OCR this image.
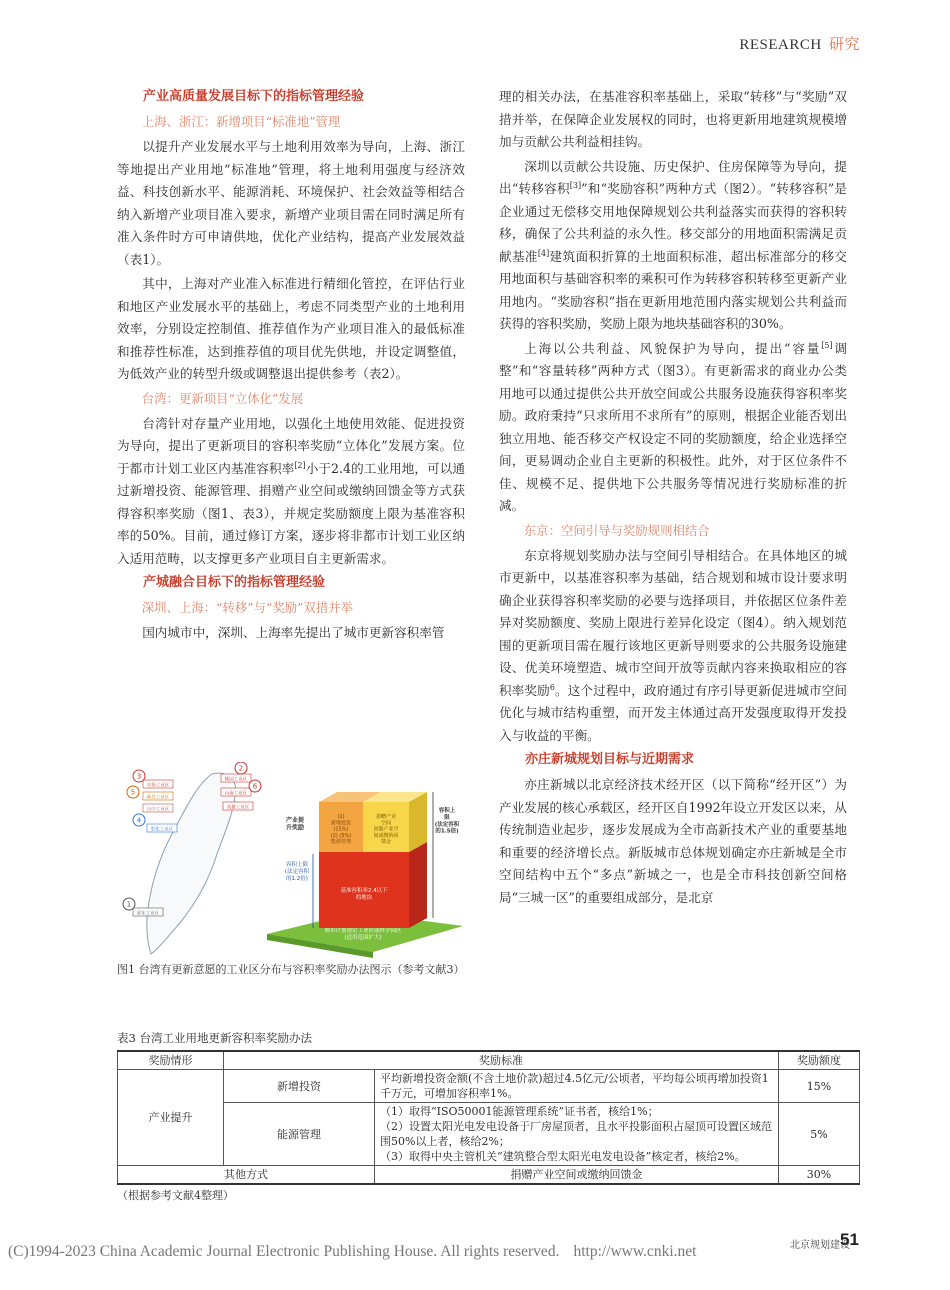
RESEARCH 研究
产业高质量发展目标下的指标管理经验
上海、浙江：新增项目“标准地”管理

以提升产业发展水平与土地利用效率为导向，上海、浙江等地提出产业用地“标准地”管理，将土地利用强度与经济效益、科技创新水平、能源消耗、环境保护、社会效益等相结合纳入新增产业项目准入要求，新增产业项目需在同时满足所有准入条件时方可申请供地，优化产业结构，提高产业发展效益（表1）。

其中，上海对产业准入标准进行精细化管控，在评估行业和地区产业发展水平的基础上，考虑不同类型产业的土地利用效率，分别设定控制值、推荐值作为产业项目准入的最低标准和推荐性标准，达到推荐值的项目优先供地，并设定调整值，为低效产业的转型升级或调整退出提供参考（表2）。

台湾：更新项目“立体化”发展

台湾针对存量产业用地，以强化土地使用效能、促进投资为导向，提出了更新项目的容积率奖励“立体化”发展方案。位于都市计划工业区内基准容积率[2]小于2.4的工业用地，可以通过新增投资、能源管理、捐赠产业空间或缴纳回馈金等方式获得容积率奖励（图1、表3），并规定奖励额度上限为基准容积率的50%。目前，通过修订方案，逐步将非都市计划工业区纳入适用范畴，以支撑更多产业项目自主更新需求。

产城融合目标下的指标管理经验
深圳、上海：“转移”与“奖励”双措并举

国内城市中，深圳、上海率先提出了城市更新容积率管

理的相关办法，在基准容积率基础上，采取“转移”与“奖励”双措并举，在保障企业发展权的同时，也将更新用地建筑规模增加与贡献公共利益相挂钩。

深圳以贡献公共设施、历史保护、住房保障等为导向，提出“转移容积[3]”和“奖励容积”两种方式（图2）。“转移容积”是企业通过无偿移交用地保障规划公共利益落实而获得的容积转移，确保了公共利益的永久性。移交部分的用地面积需满足贡献基准[4]建筑面积折算的土地面积标准，超出标准部分的移交用地面积与基础容积率的乘积可作为转移容积转移至更新产业用地内。“奖励容积”指在更新用地范围内落实规划公共利益而获得的容积奖励，奖励上限为地块基础容积的30%。

上海以公共利益、风貌保护为导向，提出“容量[5]调整”和“容量转移”两种方式（图3）。有更新需求的商业办公类用地可以通过提供公共开放空间或公共服务设施获得容积率奖励。政府秉持“只求所用不求所有”的原则，根据企业能否划出独立用地、能否移交产权设定不同的奖励额度，给企业选择空间，更易调动企业自主更新的积极性。此外，对于区位条件不佳、规模不足、提供地下公共服务等情况进行奖励标准的折减。

东京：空间引导与奖励规则相结合

东京将规划奖励办法与空间引导相结合。在具体地区的城市更新中，以基准容积率为基础，结合规划和城市设计要求明确企业获得容积率奖励的必要与选择项目，并依据区位条件差异对奖励额度、奖励上限进行差异化设定（图4）。纳入规划范围的更新项目需在履行该地区更新导则要求的公共服务设施建设、优美环境塑造、城市空间开放等贡献内容来换取相应的容积率奖励$^6$。这个过程中，政府通过有序引导更新促进城市空间优化与城市结构重塑，而开发主体通过高开发强度取得开发投入与收益的平衡。

亦庄新城规划目标与近期需求

亦庄新城以北京经济技术经开区（以下简称“经开区”）为产业发展的核心承载区，经开区自1992年设立开发区以来，从传统制造业起步，逐步发展成为全市高新技术产业的重要基地和重要的经济增长点。新版城市总体规划确定亦庄新城是全市空间结构中五个“多点”新城之一，也是全市科技创新空间格局“三城一区”的重要组成部分，是北京

中坜工业区
新竹工业区
台中工业区
彰化工业区
桃园工业区
台南工业区
高雄工业区
屏东工业区
3
5
4
2
6
1
都市计划规定工业区或科学园区(适用范围扩大)
基准容积率2.4以下的地块
(1)新增投资(15%) (2) (5%)能源管理
捐赠产业空间回馈产业空间或缴纳回馈金
产业提升奖励
容积上限(法定容积的1.2倍)
容积上限(法定容积的1.5倍)
图1 台湾有更新意愿的工业区分布与容积率奖励办法图示（参考文献3）
表3 台湾工业用地更新容积率奖励办法
奖励情形	奖励标准		奖励额度
产业提升	新增投资	平均新增投资金额(不含土地价款)超过4.5亿元/公顷者，平均每公顷再增加投资1千万元，可增加容积率1%。	15%
	能源管理	（1）取得“ISO50001能源管理系统”证书者，核给1%；
（2）设置太阳光电发电设备于厂房屋顶者，且水平投影面积占屋顶可设置区域范围50%以上者，核给2%；
（3）取得中央主管机关“建筑整合型太阳光电发电设备”核定者，核给2%。	5%
其他方式		捐赠产业空间或缴纳回馈金	30%
（根据参考文献4整理）
(C)1994-2023 China Academic Journal Electronic Publishing House. All rights reserved. http://www.cnki.net	北京规划建设
51
